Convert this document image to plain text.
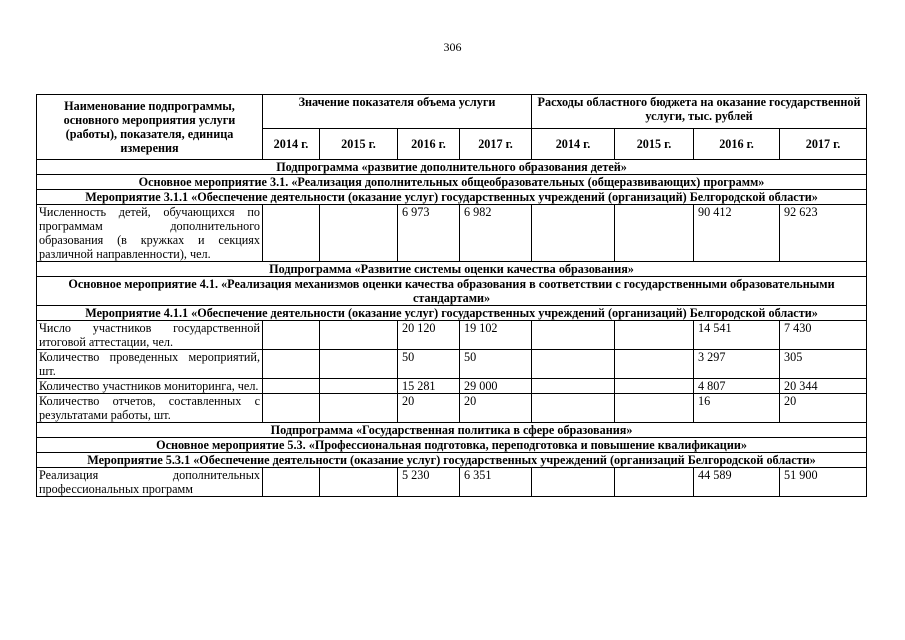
306
Наименование подпрограммы, основного мероприятия услуги (работы), показателя, единица измерения	Значение показателя объема услуги				Расходы областного бюджета на оказание государственной услуги, тыс. рублей			
	2014 г.	2015 г.	2016 г.	2017 г.	2014 г.	2015 г.	2016 г.	2017 г.
Подпрограмма «развитие дополнительного образования детей»								
Основное мероприятие 3.1. «Реализация дополнительных общеобразовательных (общеразвивающих) программ»								
Мероприятие 3.1.1 «Обеспечение деятельности (оказание услуг) государственных учреждений (организаций) Белгородской области»								
Численность детей, обучающихся по программам дополнительного образования (в кружках и секциях различной направленности), чел.			6 973	6 982			90 412	92 623
Подпрограмма «Развитие системы оценки качества образования»								
Основное мероприятие 4.1. «Реализация механизмов оценки качества образования в соответствии с государственными образовательными стандартами»								
Мероприятие 4.1.1 «Обеспечение деятельности (оказание услуг) государственных учреждений (организаций) Белгородской области»								
Число участников государственной итоговой аттестации, чел.			20 120	19 102			14 541	7 430
Количество проведенных мероприятий, шт.			50	50			3 297	305
Количество участников мониторинга, чел.			15 281	29 000			4 807	20 344
Количество отчетов, составленных с результатами работы, шт.			20	20			16	20
Подпрограмма «Государственная политика в сфере образования»								
Основное мероприятие 5.3. «Профессиональная подготовка, переподготовка и повышение квалификации»								
Мероприятие 5.3.1 «Обеспечение деятельности (оказание услуг) государственных учреждений (организаций Белгородской области»								
Реализация дополнительных профессиональных программ			5 230	6 351			44 589	51 900
